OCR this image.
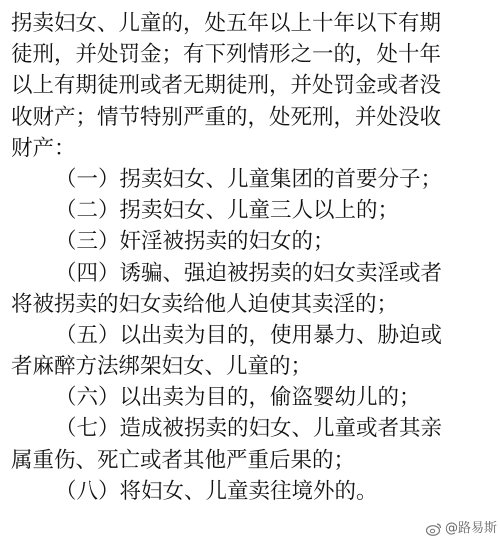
拐卖妇女、儿童的，处五年以上十年以下有期
徒刑，并处罚金；有下列情形之一的，处十年
以上有期徒刑或者无期徒刑，并处罚金或者没
收财产；情节特别严重的，处死刑，并处没收
财产：

（一）拐卖妇女、儿童集团的首要分子；
（二）拐卖妇女、儿童三人以上的；
（三）奸淫被拐卖的妇女的；
（四）诱骗、强迫被拐卖的妇女卖淫或者
将被拐卖的妇女卖给他人迫使其卖淫的；
（五）以出卖为目的，使用暴力、胁迫或
者麻醉方法绑架妇女、儿童的；
（六）以出卖为目的，偷盗婴幼儿的；
（七）造成被拐卖的妇女、儿童或者其亲
属重伤、死亡或者其他严重后果的；
（八）将妇女、儿童卖往境外的。
@路易斯
